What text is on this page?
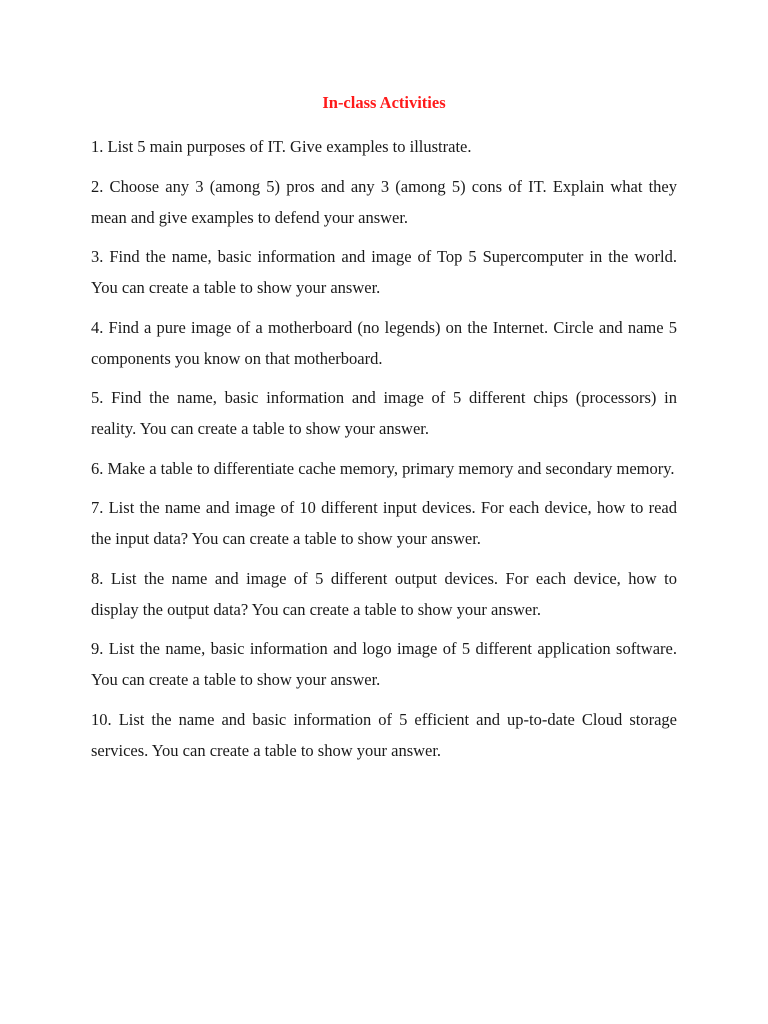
In-class Activities
1. List 5 main purposes of IT. Give examples to illustrate.
2. Choose any 3 (among 5) pros and any 3 (among 5) cons of IT. Explain what they mean and give examples to defend your answer.
3. Find the name, basic information and image of Top 5 Supercomputer in the world. You can create a table to show your answer.
4. Find a pure image of a motherboard (no legends) on the Internet. Circle and name 5 components you know on that motherboard.
5. Find the name, basic information and image of 5 different chips (processors) in reality. You can create a table to show your answer.
6. Make a table to differentiate cache memory, primary memory and secondary memory.
7. List the name and image of 10 different input devices. For each device, how to read the input data? You can create a table to show your answer.
8. List the name and image of 5 different output devices. For each device, how to display the output data? You can create a table to show your answer.
9. List the name, basic information and logo image of 5 different application software. You can create a table to show your answer.
10. List the name and basic information of 5 efficient and up-to-date Cloud storage services. You can create a table to show your answer.
